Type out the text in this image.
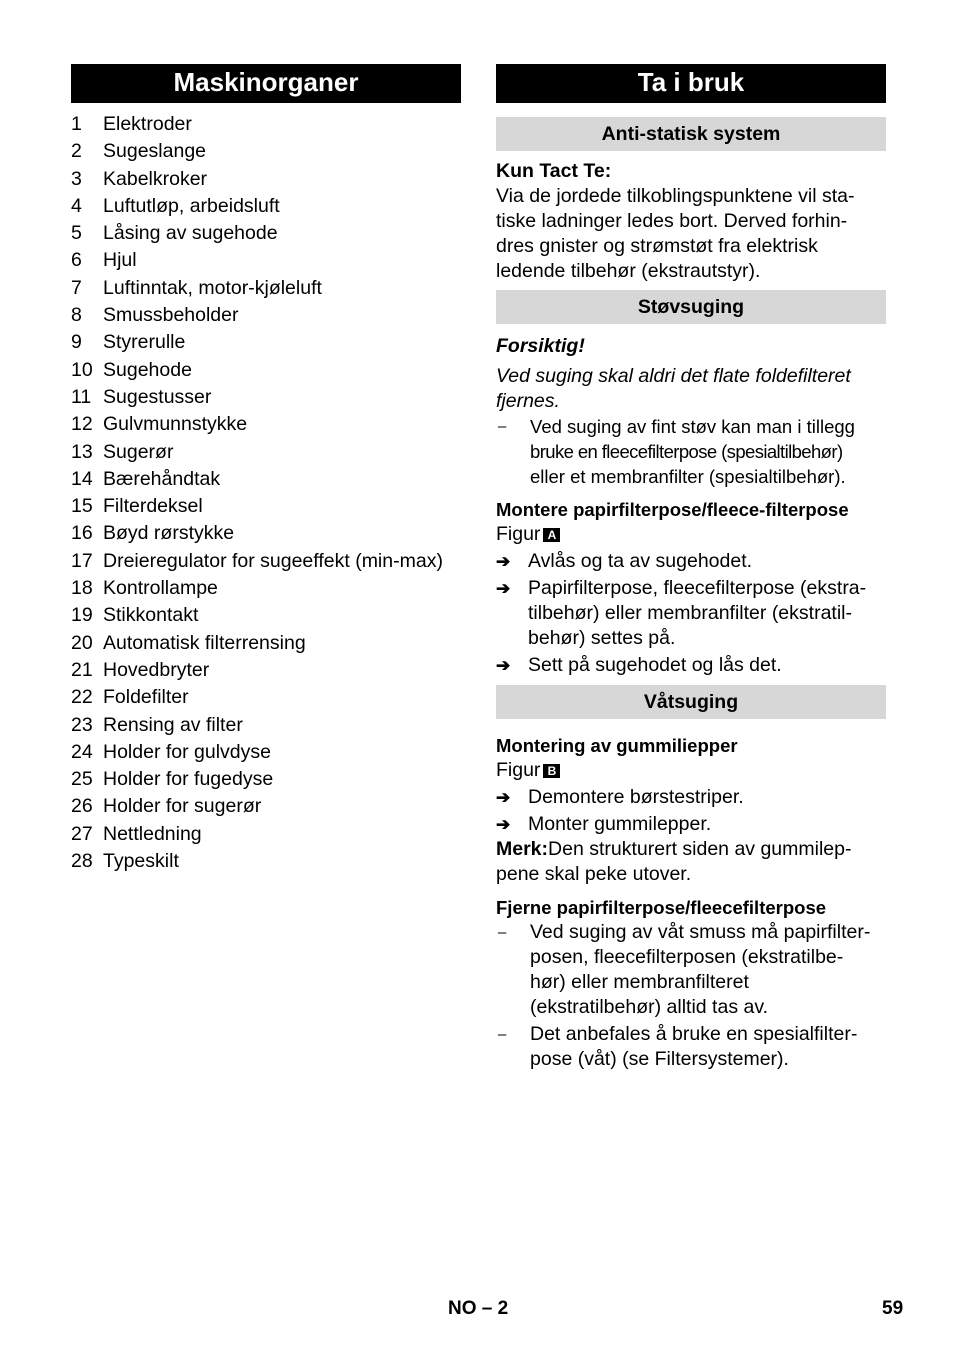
Maskinorganer
1	Elektroder
2	Sugeslange
3	Kabelkroker
4	Luftutløp, arbeidsluft
5	Låsing av sugehode
6	Hjul
7	Luftinntak, motor-kjøleluft
8	Smussbeholder
9	Styrerulle
10 Sugehode
11 Sugestusser
12 Gulvmunnstykke
13 Sugerør
14 Bærehåndtak
15 Filterdeksel
16 Bøyd rørstykke
17 Dreieregulator for sugeeffekt (min-max)
18 Kontrollampe
19 Stikkontakt
20 Automatisk filterrensing
21 Hovedbryter
22 Foldefilter
23 Rensing av filter
24 Holder for gulvdyse
25 Holder for fugedyse
26 Holder for sugerør
27 Nettledning
28 Typeskilt
Ta i bruk
Anti-statisk system

Kun Tact Te:

Via de jordede tilkoblingspunktene vil sta-

tiske ladninger ledes bort. Derved forhin-

dres gnister og strømstøt fra elektrisk

ledende tilbehør (ekstrautstyr).

Støvsuging

Forsiktig!

Ved suging skal aldri det flate foldefilteret

fjernes.

–	Ved suging av fint støv kan man i tillegg

bruke en fleecefilterpose (spesialtilbehør)

eller et membranfilter (spesialtilbehør).

Montere papirfilterpose/fleece-filterpose

Figur A

➔ Avlås og ta av sugehodet.

➔ Papirfilterpose, fleecefilterpose (ekstra-

tilbehør) eller membranfilter (ekstratil-

behør) settes på.

➔ Sett på sugehodet og lås det.

Våtsuging

Montering av gummiliepper

Figur B

➔ Demontere børstestriper.

➔ Monter gummilepper.

Merk:Den strukturert siden av gummilep-

pene skal peke utover.

Fjerne papirfilterpose/fleecefilterpose

–	Ved suging av våt smuss må papirfilter-

posen, fleecefilterposen (ekstratilbe-

hør) eller membranfilteret

(ekstratilbehør) alltid tas av.

–	Det anbefales å bruke en spesialfilter-

pose (våt) (se Filtersystemer).

NO – 2	59
